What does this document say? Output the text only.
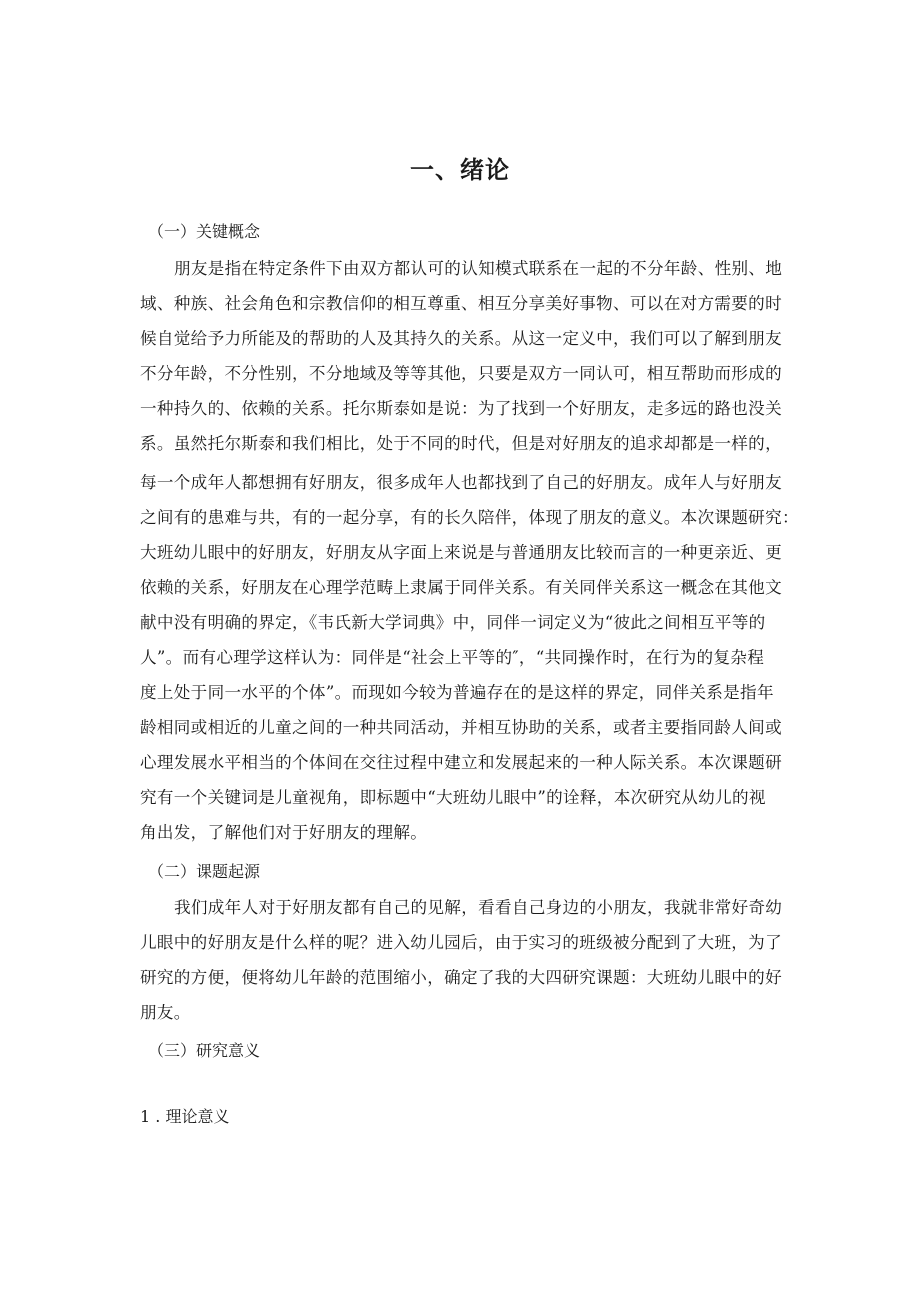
一、绪论
（一）关键概念
朋友是指在特定条件下由双方都认可的认知模式联系在一起的不分年龄、性别、地
域、种族、社会角色和宗教信仰的相互尊重、相互分享美好事物、可以在对方需要的时
候自觉给予力所能及的帮助的人及其持久的关系。从这一定义中，我们可以了解到朋友
不分年龄，不分性别，不分地域及等等其他，只要是双方一同认可，相互帮助而形成的
一种持久的、依赖的关系。托尔斯泰如是说：为了找到一个好朋友，走多远的路也没关
系。虽然托尔斯泰和我们相比，处于不同的时代，但是对好朋友的追求却都是一样的，
每一个成年人都想拥有好朋友，很多成年人也都找到了自己的好朋友。成年人与好朋友
之间有的患难与共，有的一起分享，有的长久陪伴，体现了朋友的意义。本次课题研究：
大班幼儿眼中的好朋友，好朋友从字面上来说是与普通朋友比较而言的一种更亲近、更
依赖的关系，好朋友在心理学范畴上隶属于同伴关系。有关同伴关系这一概念在其他文
献中没有明确的界定，《韦氏新大学词典》中，同伴一词定义为“彼此之间相互平等的
人”。而有心理学这样认为：同伴是“社会上平等的″，“共同操作时，在行为的复杂程
度上处于同一水平的个体”。而现如今较为普遍存在的是这样的界定，同伴关系是指年
龄相同或相近的儿童之间的一种共同活动，并相互协助的关系，或者主要指同龄人间或
心理发展水平相当的个体间在交往过程中建立和发展起来的一种人际关系。本次课题研
究有一个关键词是儿童视角，即标题中“大班幼儿眼中”的诠释，本次研究从幼儿的视
角出发，了解他们对于好朋友的理解。
（二）课题起源
我们成年人对于好朋友都有自己的见解，看看自己身边的小朋友，我就非常好奇幼
儿眼中的好朋友是什么样的呢？进入幼儿园后，由于实习的班级被分配到了大班，为了
研究的方便，便将幼儿年龄的范围缩小，确定了我的大四研究课题：大班幼儿眼中的好
朋友。
（三）研究意义
1 . 理论意义
